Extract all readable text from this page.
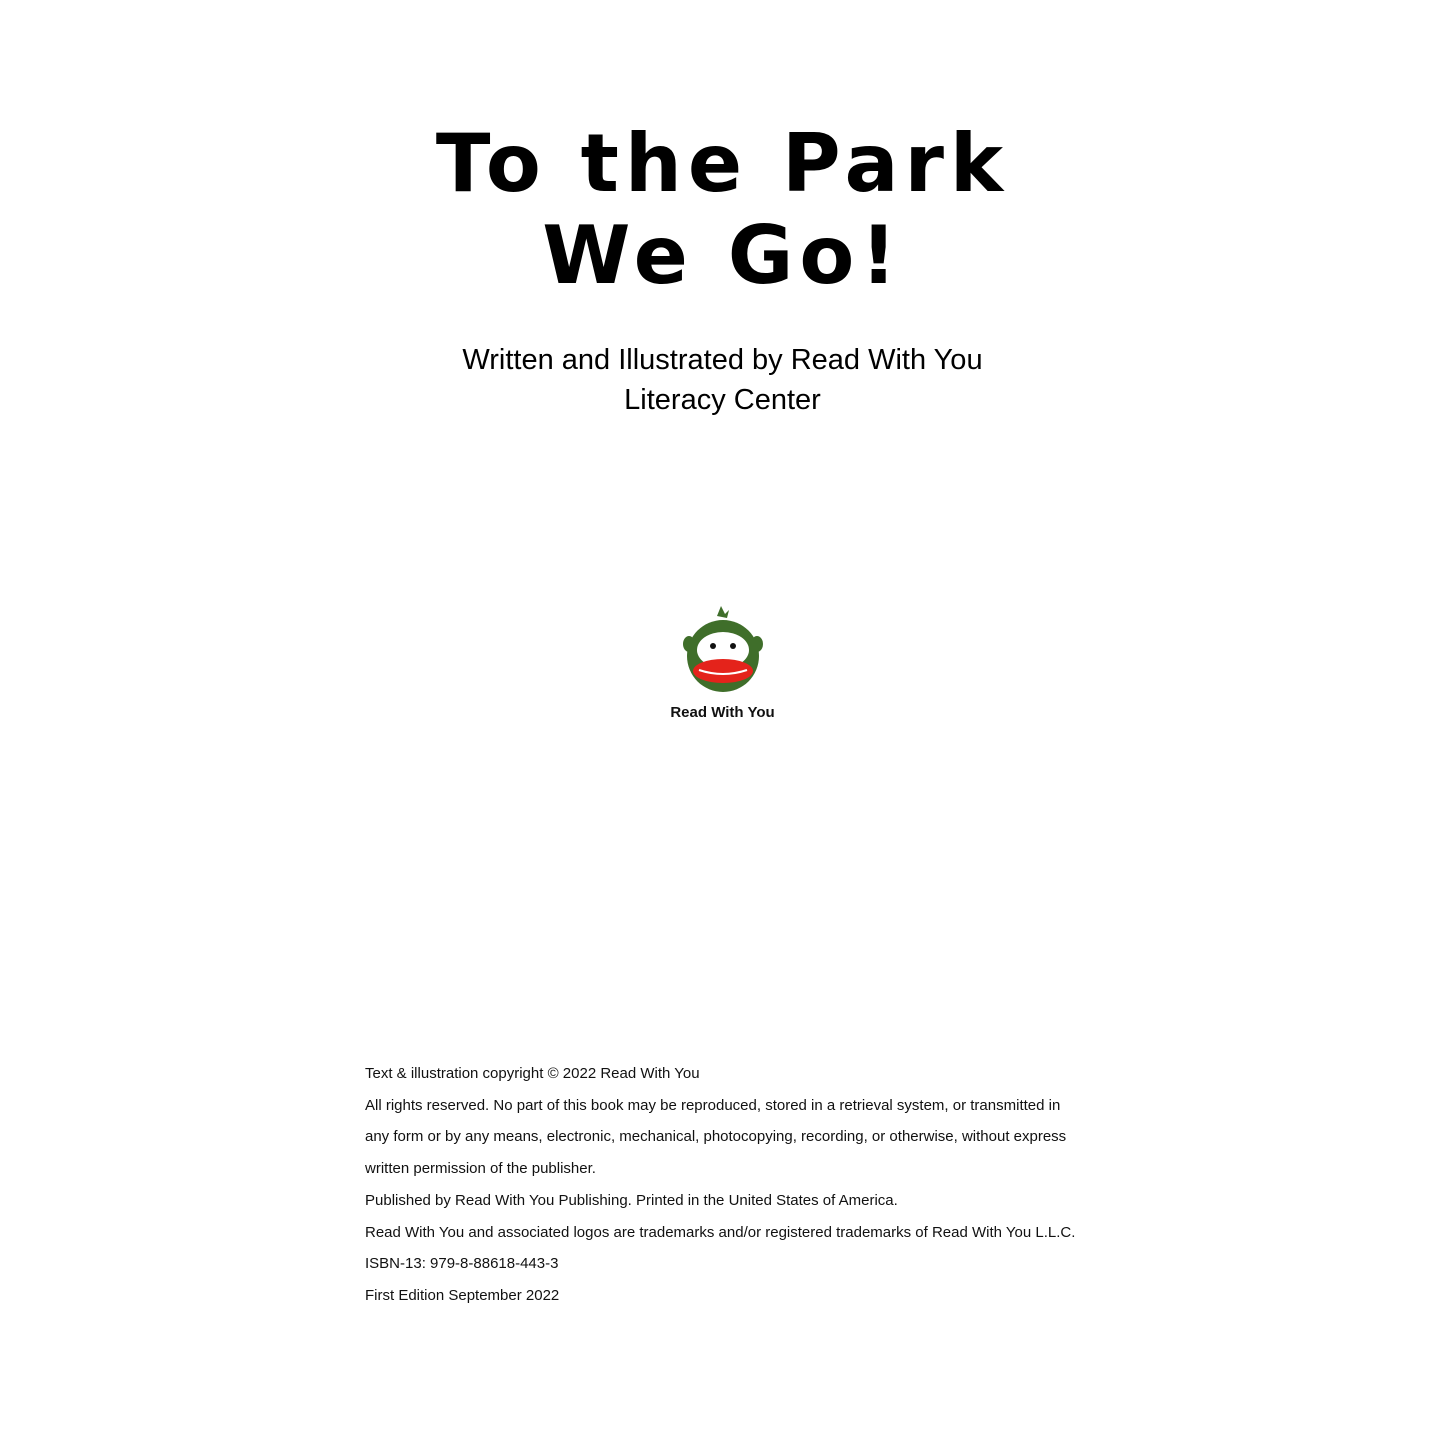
To the Park
We Go!
Written and Illustrated by Read With You
Literacy Center
Read With You
Text & illustration copyright © 2022 Read With You
All rights reserved. No part of this book may be reproduced, stored in a retrieval system, or transmitted in
any form or by any means, electronic, mechanical, photocopying, recording, or otherwise, without express
written permission of the publisher.
Published by Read With You Publishing. Printed in the United States of America.
Read With You and associated logos are trademarks and/or registered trademarks of Read With You L.L.C.
ISBN-13: 979-8-88618-443-3
First Edition September 2022
